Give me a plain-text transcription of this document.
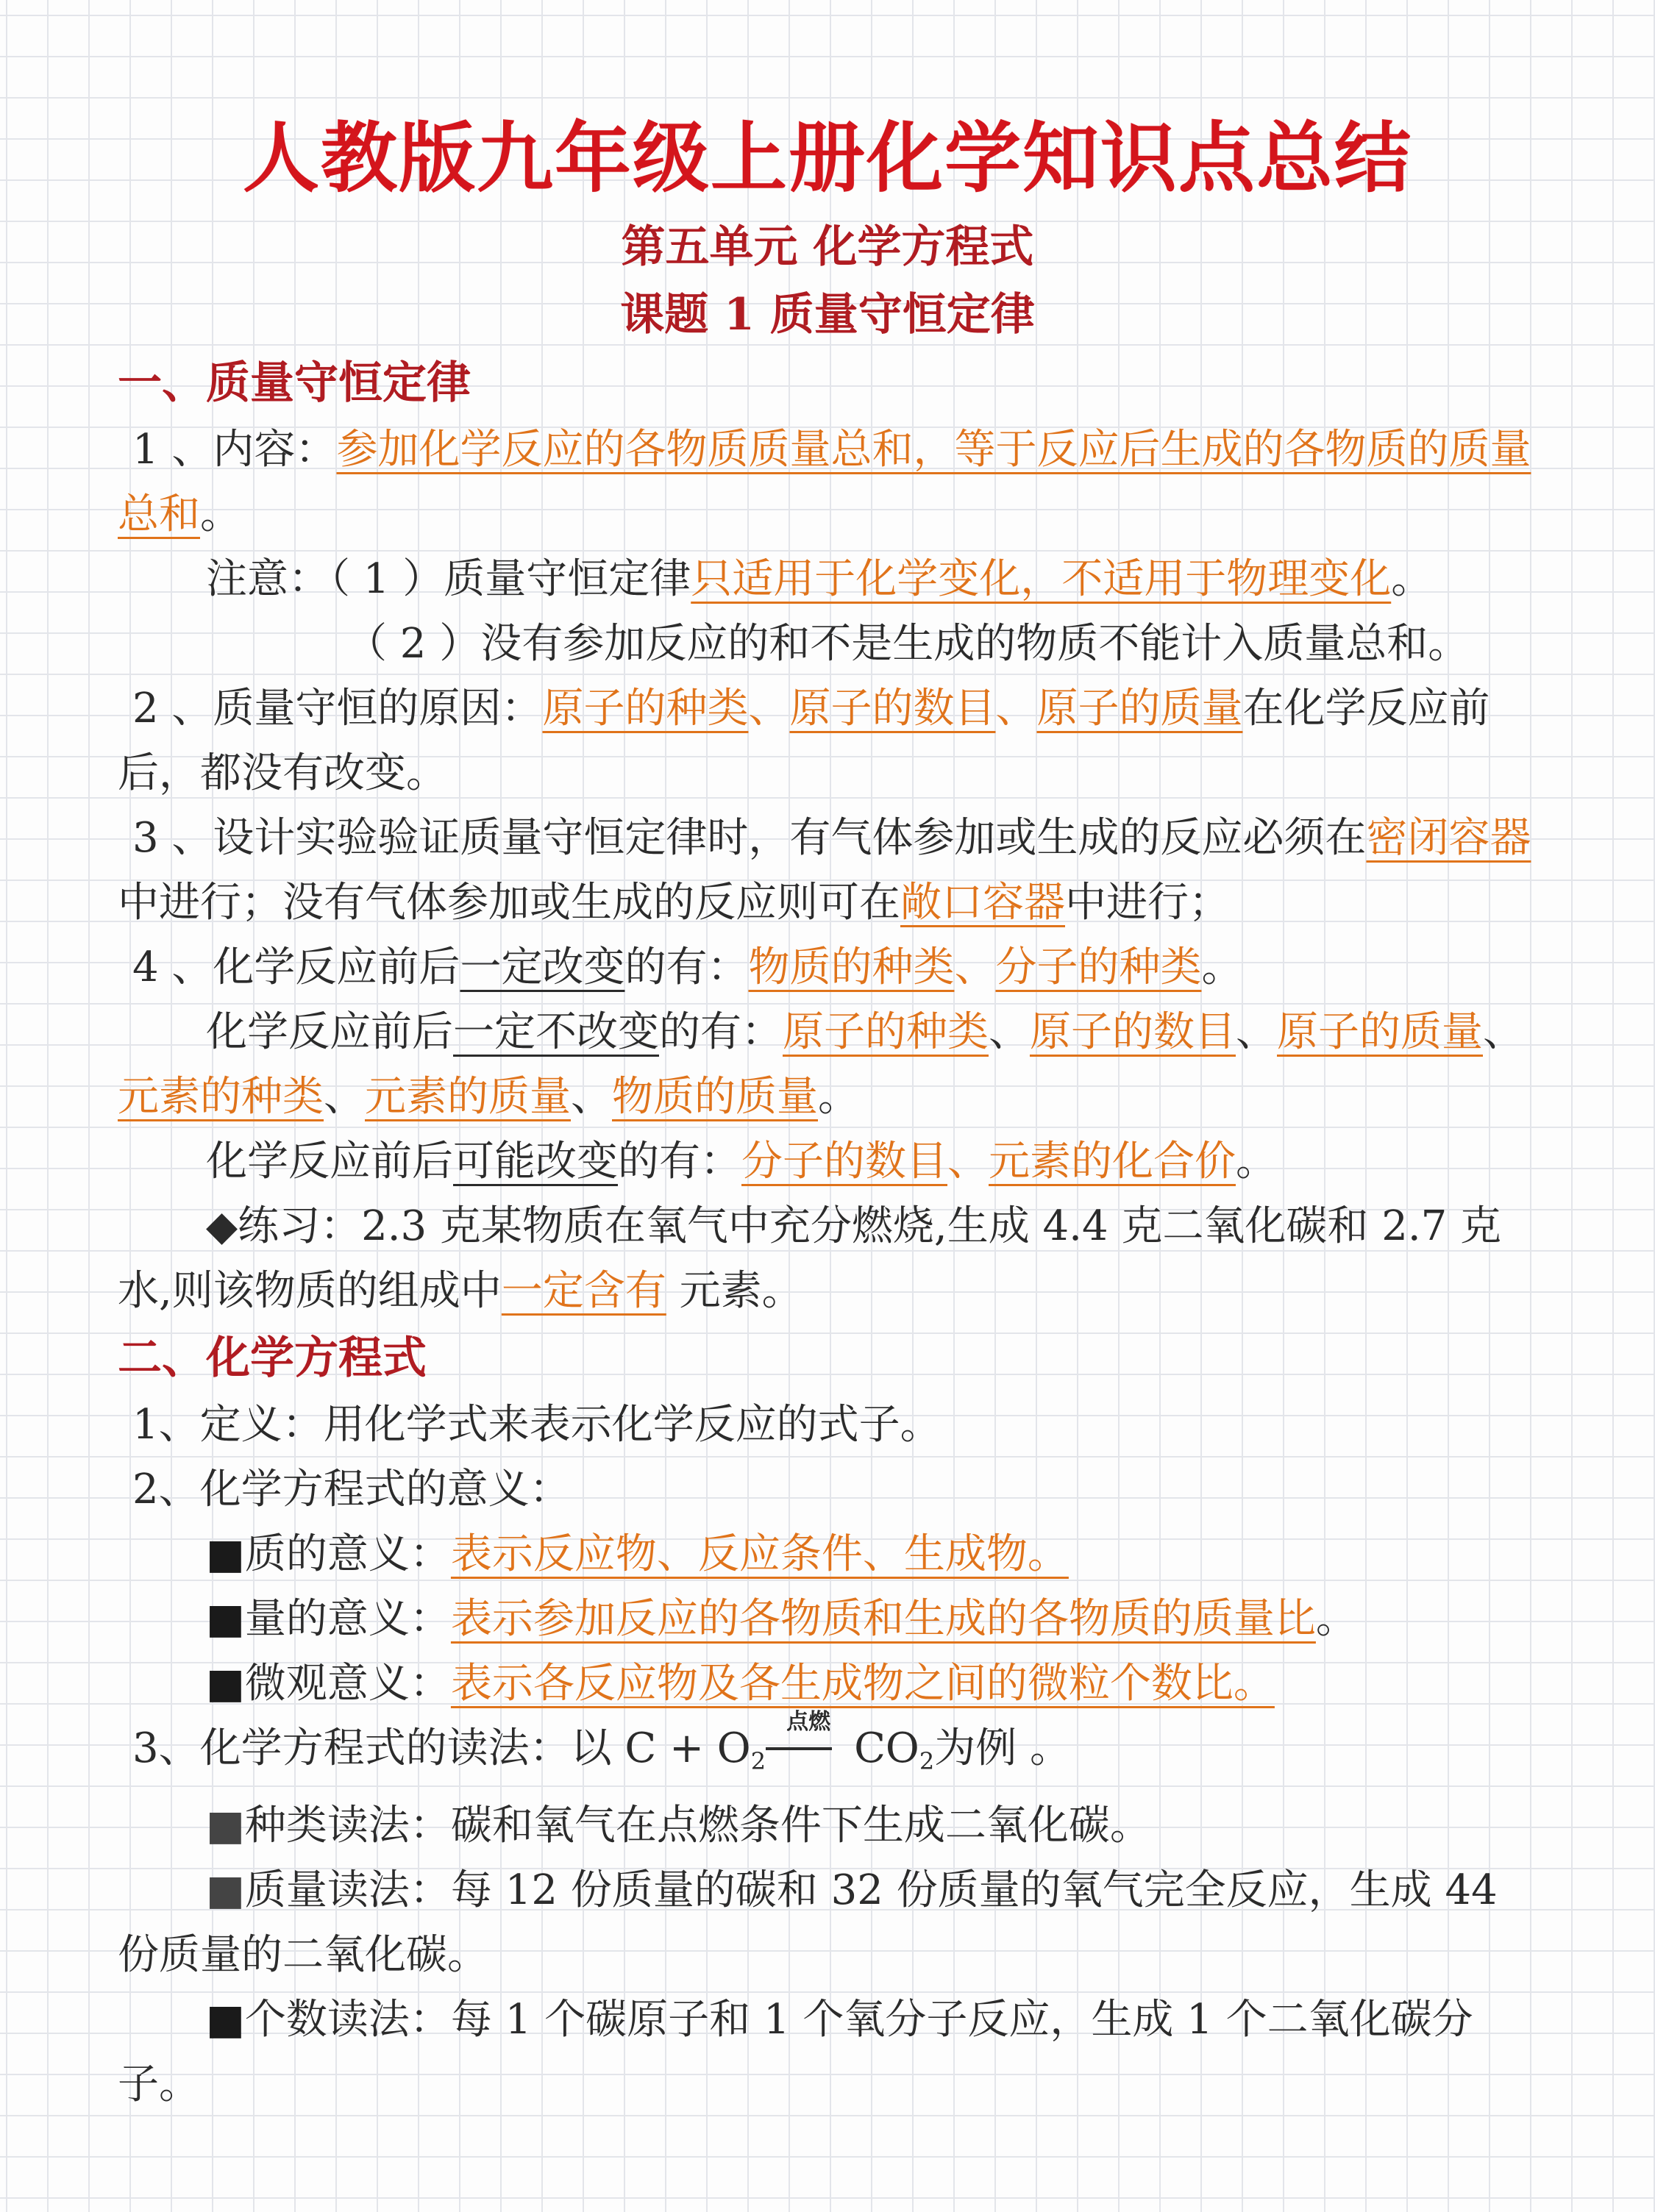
人教版九年级上册化学知识点总结

第五单元 化学方程式

课题 1 质量守恒定律

一、质量守恒定律

1 、内容：参加化学反应的各物质质量总和，等于反应后生成的各物质的质量总和。

注意：（ 1 ）质量守恒定律只适用于化学变化，不适用于物理变化。

（ 2 ）没有参加反应的和不是生成的物质不能计入质量总和。

2 、质量守恒的原因：原子的种类、原子的数目、原子的质量在化学反应前后，都没有改变。

3 、设计实验验证质量守恒定律时，有气体参加或生成的反应必须在密闭容器中进行；没有气体参加或生成的反应则可在敞口容器中进行；

4 、化学反应前后一定改变的有：物质的种类、分子的种类。

化学反应前后一定不改变的有：原子的种类、原子的数目、原子的质量、元素的种类、元素的质量、物质的质量。

化学反应前后可能改变的有：分子的数目、元素的化合价。

◆练习：2.3 克某物质在氧气中充分燃烧,生成 4.4 克二氧化碳和 2.7 克水,则该物质的组成中一定含有 元素。

二、化学方程式

1、定义：用化学式来表示化学反应的式子。

2、化学方程式的意义：

■质的意义：表示反应物、反应条件、生成物。

■量的意义：表示参加反应的各物质和生成的各物质的质量比。

■微观意义：表示各反应物及各生成物之间的微粒个数比。

3、化学方程式的读法：以 $C + O_2$
点燃
$CO_2$为例 。

■种类读法：碳和氧气在点燃条件下生成二氧化碳。

■质量读法：每 12 份质量的碳和 32 份质量的氧气完全反应，生成 44 份质量的二氧化碳。

■个数读法：每 1 个碳原子和 1 个氧分子反应，生成 1 个二氧化碳分子。
